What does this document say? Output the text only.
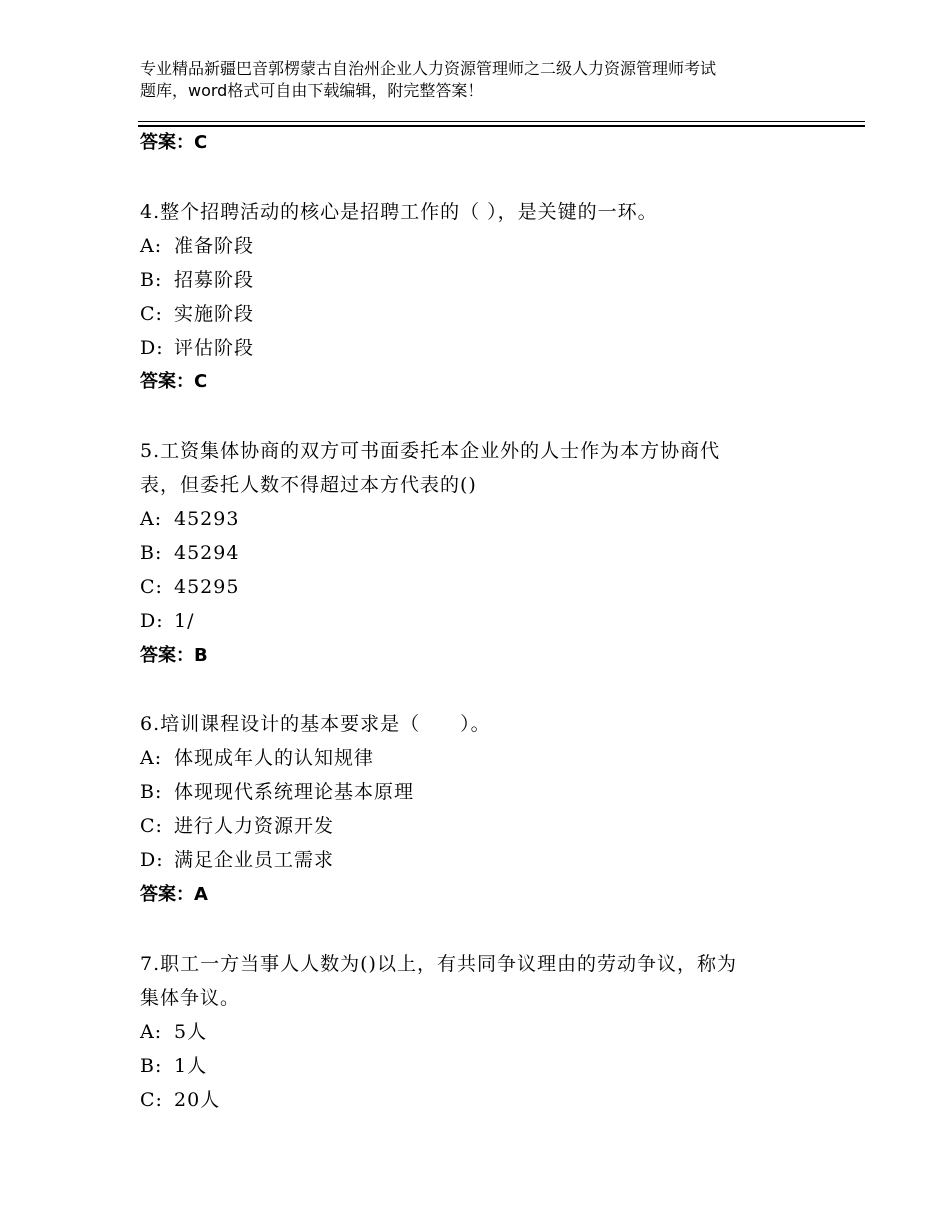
专业精品新疆巴音郭楞蒙古自治州企业人力资源管理师之二级人力资源管理师考试
题库，word格式可自由下载编辑，附完整答案！
答案：C
4.整个招聘活动的核心是招聘工作的（ ），是关键的一环。
A: 准备阶段
B: 招募阶段
C: 实施阶段
D: 评估阶段
答案：C
5.工资集体协商的双方可书面委托本企业外的人士作为本方协商代
表，但委托人数不得超过本方代表的()
A: 45293
B: 45294
C: 45295
D: 1/
答案：B
6.培训课程设计的基本要求是（　　）。
A: 体现成年人的认知规律
B: 体现现代系统理论基本原理
C: 进行人力资源开发
D: 满足企业员工需求
答案：A
7.职工一方当事人人数为()以上，有共同争议理由的劳动争议，称为
集体争议。
A: 5人
B: 1人
C: 20人
